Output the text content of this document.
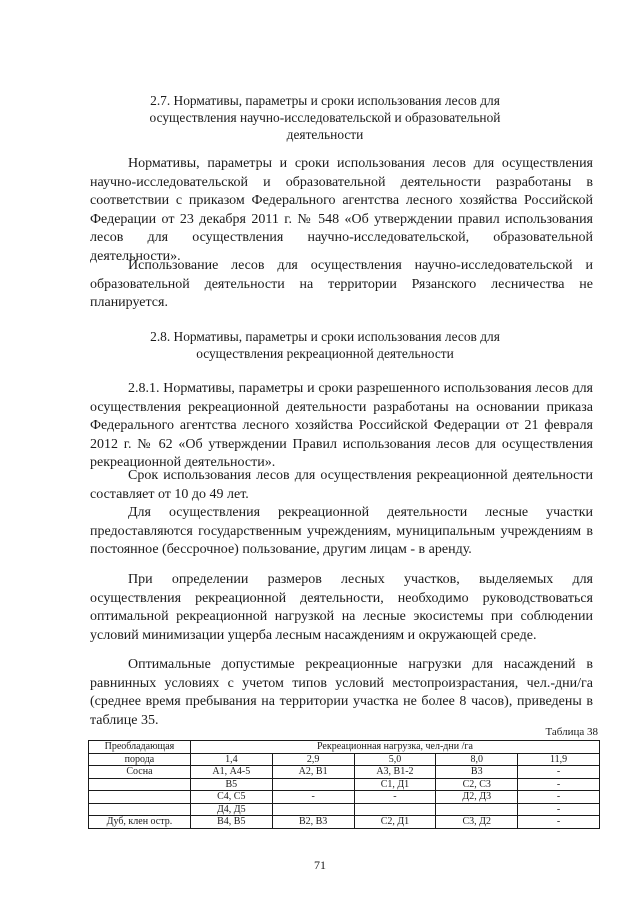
2.7. Нормативы, параметры и сроки использования лесов для
осуществления научно-исследовательской и образовательной
деятельности

Нормативы, параметры и сроки использования лесов для осуществления научно-исследовательской и образовательной деятельности разработаны в соответствии с приказом Федерального агентства лесного хозяйства Российской Федерации от 23 декабря 2011 г. № 548 «Об утверждении правил использования лесов для осуществления научно-исследовательской, образовательной деятельности».

Использование лесов для осуществления научно-исследовательской и образовательной деятельности на территории Рязанского лесничества не планируется.

2.8. Нормативы, параметры и сроки использования лесов для
осуществления рекреационной деятельности

2.8.1. Нормативы, параметры и сроки разрешенного использования лесов для осуществления рекреационной деятельности разработаны на основании приказа Федерального агентства лесного хозяйства Российской Федерации от 21 февраля 2012 г. № 62 «Об утверждении Правил использования лесов для осуществления рекреационной деятельности».

Срок использования лесов для осуществления рекреационной деятельности составляет от 10 до 49 лет.

Для осуществления рекреационной деятельности лесные участки предоставляются государственным учреждениям, муниципальным учреждениям в постоянное (бессрочное) пользование, другим лицам - в аренду.

При определении размеров лесных участков, выделяемых для осуществления рекреационной деятельности, необходимо руководствоваться оптимальной рекреационной нагрузкой на лесные экосистемы при соблюдении условий минимизации ущерба лесным насаждениям и окружающей среде.

Оптимальные допустимые рекреационные нагрузки для насаждений в равнинных условиях с учетом типов условий местопроизрастания, чел.-дни/га (среднее время пребывания на территории участка не более 8 часов), приведены в таблице 35.

Таблица 38
Преобладающая	Рекреационная нагрузка, чел-дни /га				
порода	1,4	2,9	5,0	8,0	11,9
Сосна	А1, А4-5	А2, В1	А3, В1-2	В3	-
	В5		С1, Д1	С2, С3	-
	С4, С5	-	-	Д2, Д3	-
	Д4, Д5				-
Дуб, клен остр.	В4, В5	В2, В3	С2, Д1	С3, Д2	-
71
